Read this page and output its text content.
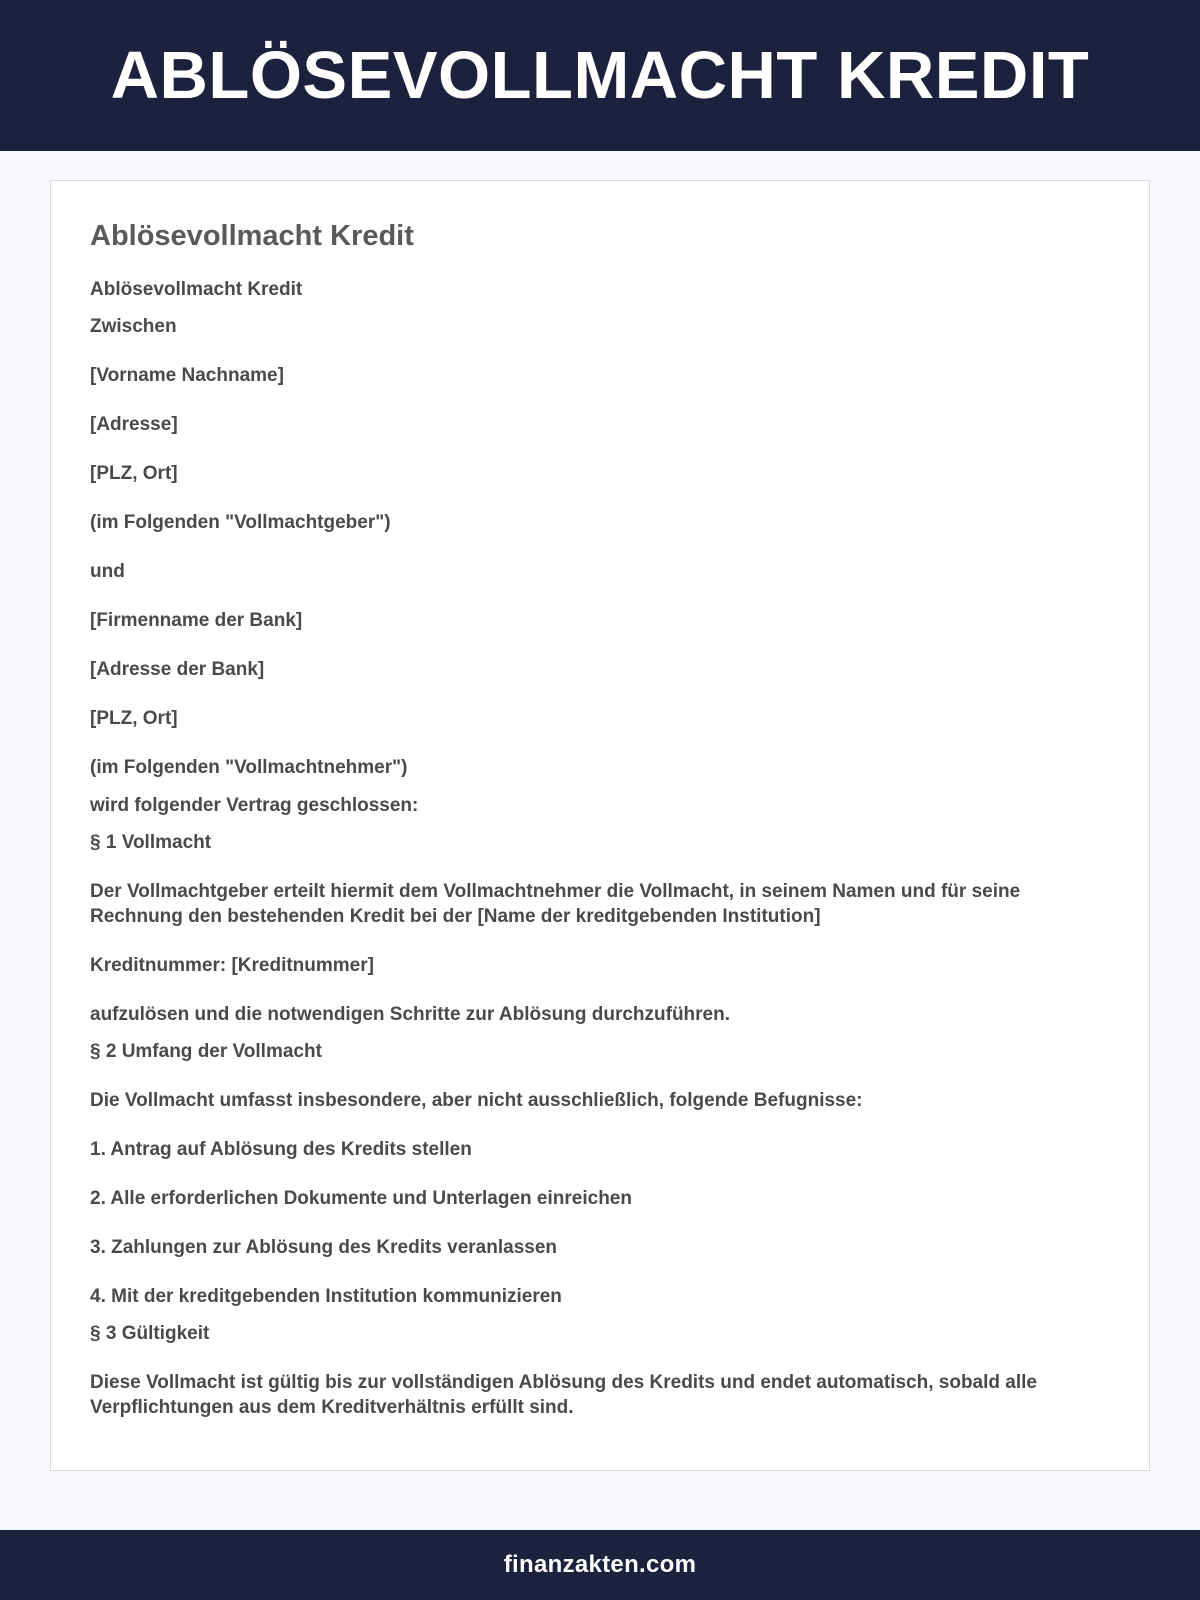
ABLÖSEVOLLMACHT KREDIT
Ablösevollmacht Kredit

Ablösevollmacht Kredit

Zwischen

[Vorname Nachname]

[Adresse]

[PLZ, Ort]

(im Folgenden "Vollmachtgeber")

und

[Firmenname der Bank]

[Adresse der Bank]

[PLZ, Ort]

(im Folgenden "Vollmachtnehmer")

wird folgender Vertrag geschlossen:

§ 1 Vollmacht

Der Vollmachtgeber erteilt hiermit dem Vollmachtnehmer die Vollmacht, in seinem Namen und für seine Rechnung den bestehenden Kredit bei der [Name der kreditgebenden Institution]

Kreditnummer: [Kreditnummer]

aufzulösen und die notwendigen Schritte zur Ablösung durchzuführen.

§ 2 Umfang der Vollmacht

Die Vollmacht umfasst insbesondere, aber nicht ausschließlich, folgende Befugnisse:

1. Antrag auf Ablösung des Kredits stellen

2. Alle erforderlichen Dokumente und Unterlagen einreichen

3. Zahlungen zur Ablösung des Kredits veranlassen

4. Mit der kreditgebenden Institution kommunizieren

§ 3 Gültigkeit

Diese Vollmacht ist gültig bis zur vollständigen Ablösung des Kredits und endet automatisch, sobald alle Verpflichtungen aus dem Kreditverhältnis erfüllt sind.

finanzakten.com
